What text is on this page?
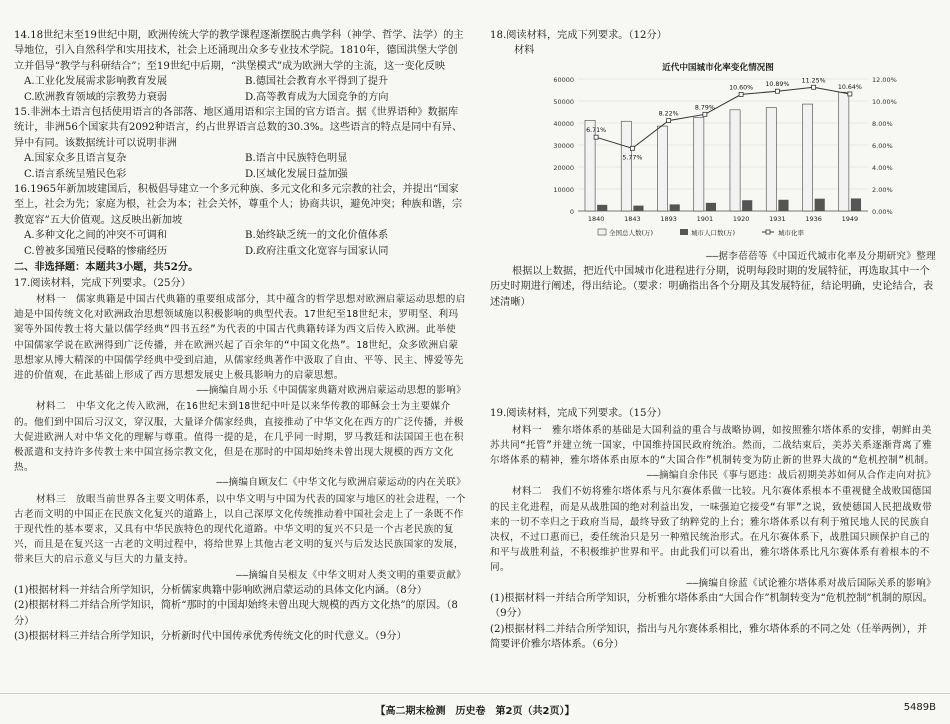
14.18世纪末至19世纪中期，欧洲传统大学的教学课程逐渐摆脱古典学科（神学、哲学、法学）的主导地位，引入自然科学和实用技术，社会上还涌现出众多专业技术学院。1810年，德国洪堡大学创立并倡导“教学与科研结合”；至19世纪中后期，“洪堡模式”成为欧洲大学的主流，这一变化反映

A.工业化发展需求影响教育发展	B.德国社会教育水平得到了提升
C.欧洲教育领域的宗教势力衰弱	D.高等教育成为大国竞争的方向

15.非洲本土语言包括使用语言的各部落、地区通用语和宗主国的官方语言。据《世界语种》数据库统计，非洲56个国家共有2092种语言，约占世界语言总数的30.3%。这些语言的特点是同中有异、异中有同。该数据统计可以说明非洲

A.国家众多且语言复杂	B.语言中民族特色明显
C.语言系统呈殖民色彩	D.区域化发展日益加强

16.1965年新加坡建国后，积极倡导建立一个多元种族、多元文化和多元宗教的社会，并提出“国家至上，社会为先；家庭为根，社会为本；社会关怀，尊重个人；协商共识，避免冲突；种族和谐，宗教宽容”五大价值观。这反映出新加坡

A.多种文化之间的冲突不可调和	B.始终缺乏统一的文化价值体系
C.曾被多国殖民侵略的惨痛经历	D.政府注重文化宽容与国家认同

二、非选择题：本题共3小题，共52分。

17.阅读材料，完成下列要求。（25分）

材料一　儒家典籍是中国古代典籍的重要组成部分，其中蕴含的哲学思想对欧洲启蒙运动思想的启迪是中国传统文化对欧洲政治思想领域施以积极影响的典型代表。17世纪至18世纪末，罗明坚、利玛窦等外国传教士将大量以儒学经典“四书五经”为代表的中国古代典籍转译为西文后传入欧洲。此举使中国儒家学说在欧洲得到广泛传播，并在欧洲兴起了百余年的“中国文化热”。18世纪，众多欧洲启蒙思想家从博大精深的中国儒学经典中受到启迪，从儒家经典著作中汲取了自由、平等、民主、博爱等先进的价值观，在此基础上形成了西方思想发展史上极具影响力的启蒙思想。

——摘编自周小乐《中国儒家典籍对欧洲启蒙运动思想的影响》

材料二　中华文化之传入欧洲，在16世纪末到18世纪中叶是以来华传教的耶稣会士为主要媒介的。他们到中国后习汉文，穿汉服，大量译介儒家经典，直接推动了中华文化在西方的广泛传播，并极大促进欧洲人对中华文化的理解与尊重。值得一提的是，在几乎同一时期，罗马教廷和法国国王也在积极派遣和支持许多传教士来中国宣扬宗教文化，但是在那时的中国却始终未曾出现大规模的西方文化热。

——摘编自顾友仁《中华文化与欧洲启蒙运动的内在关联》

材料三　放眼当前世界各主要文明体系，以中华文明与中国为代表的国家与地区的社会进程，一个古老而文明的中国正在民族文化复兴的道路上，以自己深厚文化传统推动着中国社会走上了一条既不作于现代性的基本要求，又具有中华民族特色的现代化道路。中华文明的复兴不只是一个古老民族的复兴，而且是在复兴这一古老的文明过程中，将给世界上其他古老文明的复兴与后发达民族国家的发展，带来巨大的启示意义与巨大的力量支持。

——摘编自吴根友《中华文明对人类文明的重要贡献》

(1)根据材料一并结合所学知识，分析儒家典籍中影响欧洲启蒙运动的具体文化内涵。（8分）

(2)根据材料二并结合所学知识，简析“那时的中国却始终未曾出现大规模的西方文化热”的原因。（8分）

(3)根据材料三并结合所学知识，分析新时代中国传承优秀传统文化的时代意义。（9分）

18.阅读材料，完成下列要求。（12分）

材料

近代中国城市化率变化情况图
0
10000
20000
30000
40000
50000
60000
0.00%
2.00%
4.00%
6.00%
8.00%
10.00%
12.00%
1840	1843	1893	1901	1920	1931	1936	1949
6.71%
5.77%
8.22%
8.79%
10.60% 10.89%
11.25%
10.64%
全国总人数(万)	城市人口数(万)	城市化率

——据李蓓蓓等《中国近代城市化率及分期研究》整理

根据以上数据，把近代中国城市化进程进行分期，说明每段时期的发展特征，再选取其中一个历史时期进行阐述，得出结论。（要求：明确指出各个分期及其发展特征，结论明确，史论结合，表述清晰）

19.阅读材料，完成下列要求。（15分）

材料一　雅尔塔体系的基础是大国利益的重合与战略协调，如按照雅尔塔体系的安排，朝鲜由美苏共同“托管”并建立统一国家，中国维持国民政府统治。然而，二战结束后，美苏关系逐渐背离了雅尔塔体系的精神，雅尔塔体系由原本的“大国合作”机制转变为防止新的世界大战的“危机控制”机制。

——摘编自余伟民《事与愿违：战后初期美苏如何从合作走向对抗》

材料二　我们不妨将雅尔塔体系与凡尔赛体系做一比较。凡尔赛体系根本不重视健全战败国德国的民主化进程，而是从战胜国的绝对利益出发，一味强迫它接受“有罪”之说，致使德国人民把战败带来的一切不幸归之于政府当局，最终导致了纳粹党的上台；雅尔塔体系以有利于殖民地人民的民族自决权，不过口惠而已，委任统治只是另一种殖民统治形式。在凡尔赛体系下，战胜国只顾保护自己的和平与战胜利益，不积极维护世界和平。由此我们可以看出，雅尔塔体系比凡尔赛体系有着根本的不同。

——摘编自徐蓝《试论雅尔塔体系对战后国际关系的影响》

(1)根据材料一并结合所学知识，分析雅尔塔体系由“大国合作”机制转变为“危机控制”机制的原因。（9分）

(2)根据材料二并结合所学知识，指出与凡尔赛体系相比，雅尔塔体系的不同之处（任举两例），并简要评价雅尔塔体系。（6分）

【高二期末检测　历史卷　第2页（共2页）】	5489B
